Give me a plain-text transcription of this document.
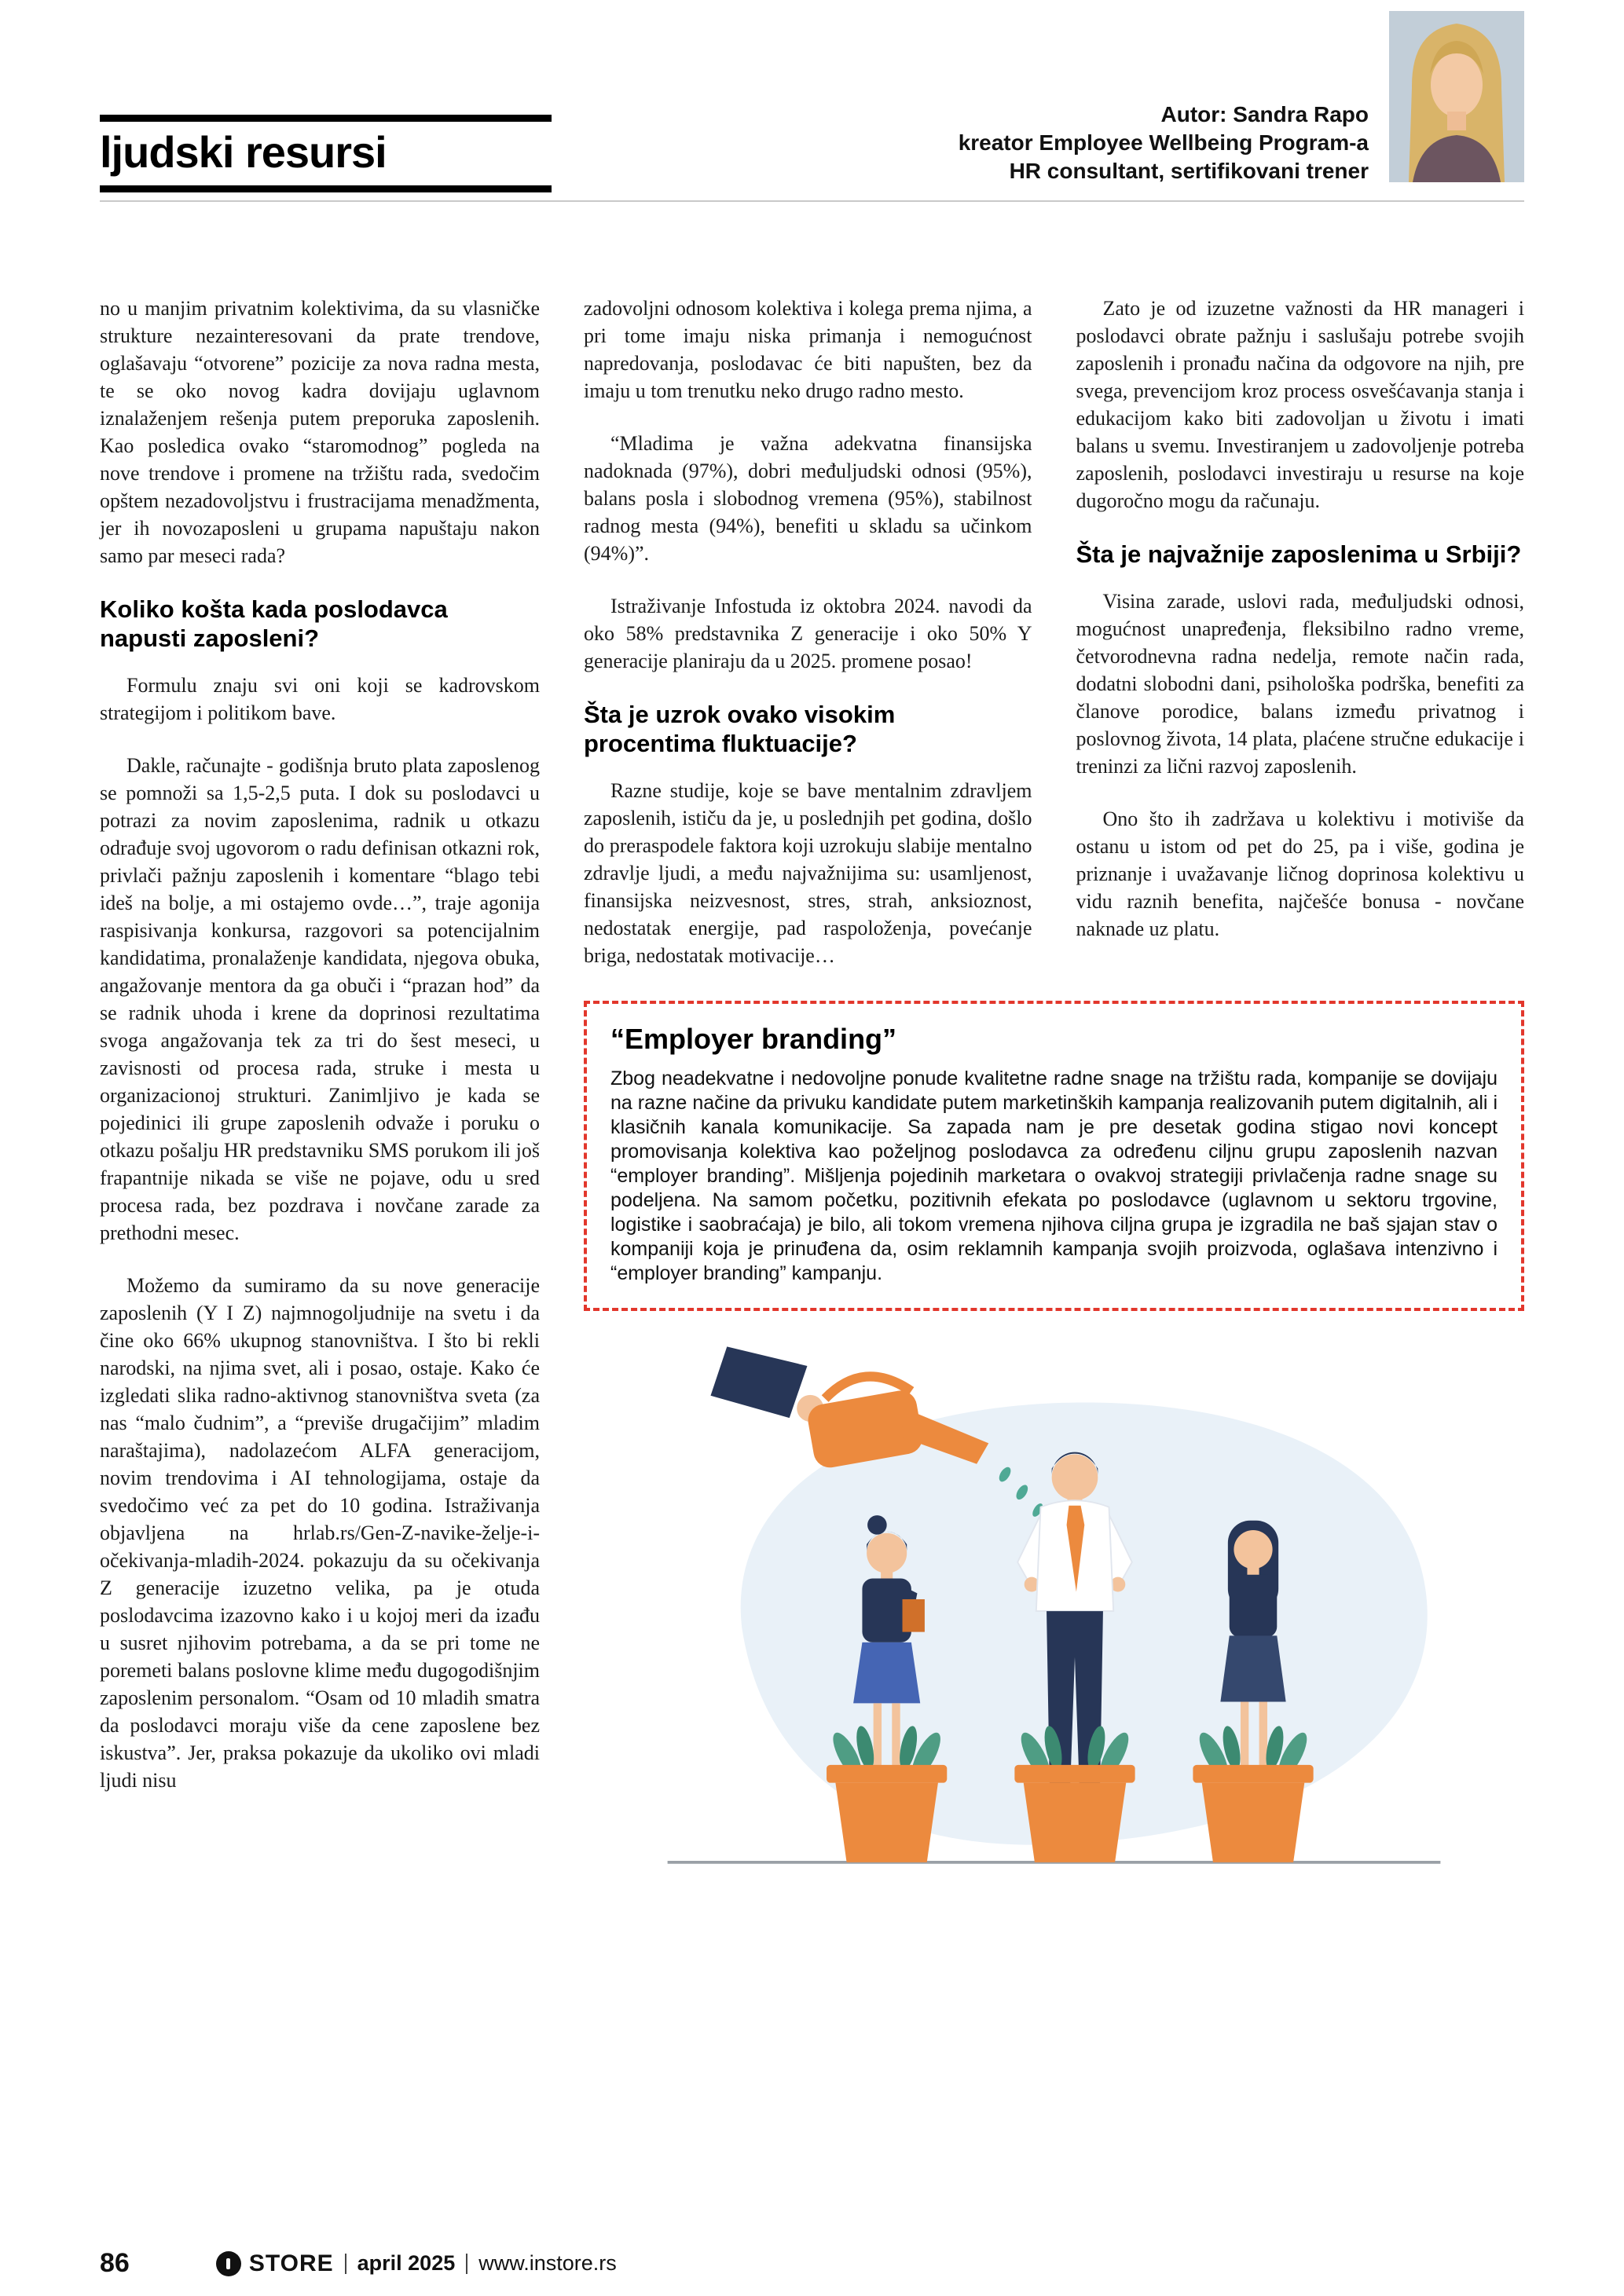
ljudski resursi
Autor: Sandra Rapo
kreator Employee Wellbeing Program-a
HR consultant, sertifikovani trener

no u manjim privatnim kolektivima, da su vlasničke strukture nezainteresovani da prate trendove, oglašavaju “otvorene” pozicije za nova radna mesta, te se oko novog kadra dovijaju uglavnom iznalaženjem rešenja putem preporuka zaposlenih. Kao posledica ovako “staromodnog” pogleda na nove trendove i promene na tržištu rada, svedočim opštem nezadovoljstvu i frustracijama menadžmenta, jer ih novozaposleni u grupama napuštaju nakon samo par meseci rada?

Koliko košta kada poslodavca napusti zaposleni?

Formulu znaju svi oni koji se kadrovskom strategijom i politikom bave.

Dakle, računajte - godišnja bruto plata zaposlenog se pomnoži sa 1,5-2,5 puta. I dok su poslodavci u potrazi za novim zaposlenima, radnik u otkazu odrađuje svoj ugovorom o radu definisan otkazni rok, privlači pažnju zaposlenih i komentare “blago tebi ideš na bolje, a mi ostajemo ovde…”, traje agonija raspisivanja konkursa, razgovori sa potencijalnim kandidatima, pronalaženje kandidata, njegova obuka, angažovanje mentora da ga obuči i “prazan hod” da se radnik uhoda i krene da doprinosi rezultatima svoga angažovanja tek za tri do šest meseci, u zavisnosti od procesa rada, struke i mesta u organizacionoj strukturi. Zanimljivo je kada se pojedinici ili grupe zaposlenih odvaže i poruku o otkazu pošalju HR predstavniku SMS porukom ili još frapantnije nikada se više ne pojave, odu u sred procesa rada, bez pozdrava i novčane zarade za prethodni mesec.

Možemo da sumiramo da su nove generacije zaposlenih (Y I Z) najmnogoljudnije na svetu i da čine oko 66% ukupnog stanovništva. I što bi rekli narodski, na njima svet, ali i posao, ostaje. Kako će izgledati slika radno-aktivnog stanovništva sveta (za nas “malo čudnim”, a “previše drugačijim” mladim naraštajima), nadolazećom ALFA generacijom, novim trendovima i AI tehnologijama, ostaje da svedočimo već za pet do 10 godina. Istraživanja objavljena na hrlab.rs/Gen-Z-navike-želje-i-očekivanja-mladih-2024. pokazuju da su očekivanja Z generacije izuzetno velika, pa je otuda poslodavcima izazovno kako i u kojoj meri da izađu u susret njihovim potrebama, a da se pri tome ne poremeti balans poslovne klime među dugogodišnjim zaposlenim personalom. “Osam od 10 mladih smatra da poslodavci moraju više da cene zaposlene bez iskustva”. Jer, praksa pokazuje da ukoliko ovi mladi ljudi nisu

zadovoljni odnosom kolektiva i kolega prema njima, a pri tome imaju niska primanja i nemogućnost napredovanja, poslodavac će biti napušten, bez da imaju u tom trenutku neko drugo radno mesto.

“Mladima je važna adekvatna finansijska nadoknada (97%), dobri međuljudski odnosi (95%), balans posla i slobodnog vremena (95%), stabilnost radnog mesta (94%), benefiti u skladu sa učinkom (94%)”.

Istraživanje Infostuda iz oktobra 2024. navodi da oko 58% predstavnika Z generacije i oko 50% Y generacije planiraju da u 2025. promene posao!

Šta je uzrok ovako visokim procentima fluktuacije?

Razne studije, koje se bave mentalnim zdravljem zaposlenih, ističu da je, u poslednjih pet godina, došlo do preraspodele faktora koji uzrokuju slabije mentalno zdravlje ljudi, a među najvažnijima su: usamljenost, finansijska neizvesnost, stres, strah, anksioznost, nedostatak energije, pad raspoloženja, povećanje briga, nedostatak motivacije…

Zato je od izuzetne važnosti da HR manageri i poslodavci obrate pažnju i saslušaju potrebe svojih zaposlenih i pronađu načina da odgovore na njih, pre svega, prevencijom kroz process osvešćavanja stanja i edukacijom kako biti zadovoljan u životu i imati balans u svemu. Investiranjem u zadovoljenje potreba zaposlenih, poslodavci investiraju u resurse na koje dugoročno mogu da računaju.

Šta je najvažnije zaposlenima u Srbiji?

Visina zarade, uslovi rada, međuljudski odnosi, mogućnost unapređenja, fleksibilno radno vreme, četvorodnevna radna nedelja, remote način rada, dodatni slobodni dani, psihološka podrška, benefiti za članove porodice, balans između privatnog i poslovnog života, 14 plata, plaćene stručne edukacije i treninzi za lični razvoj zaposlenih.

Ono što ih zadržava u kolektivu i motiviše da ostanu u istom od pet do 25, pa i više, godina je priznanje i uvažavanje ličnog doprinosa kolektivu u vidu raznih benefita, najčešće bonusa - novčane naknade uz platu.

“Employer branding”

Zbog neadekvatne i nedovoljne ponude kvalitetne radne snage na tržištu rada, kompanije se dovijaju na razne načine da privuku kandidate putem marketinških kampanja realizovanih putem digitalnih, ali i klasičnih kanala komunikacije. Sa zapada nam je pre desetak godina stigao novi koncept promovisanja kolektiva kao poželjnog poslodavca za određenu ciljnu grupu zaposlenih nazvan “employer branding”. Mišljenja pojedinih marketara o ovakvoj strategiji privlačenja radne snage su podeljena. Na samom početku, pozitivnih efekata po poslodavce (uglavnom u sektoru trgovine, logistike i saobraćaja) je bilo, ali tokom vremena njihova ciljna grupa je izgradila ne baš sjajan stav o kompaniji koja je prinuđena da, osim reklamnih kampanja svojih proizvoda, oglašava intenzivno i “employer branding” kampanju.

86	STORE april 2025 www.instore.rs
